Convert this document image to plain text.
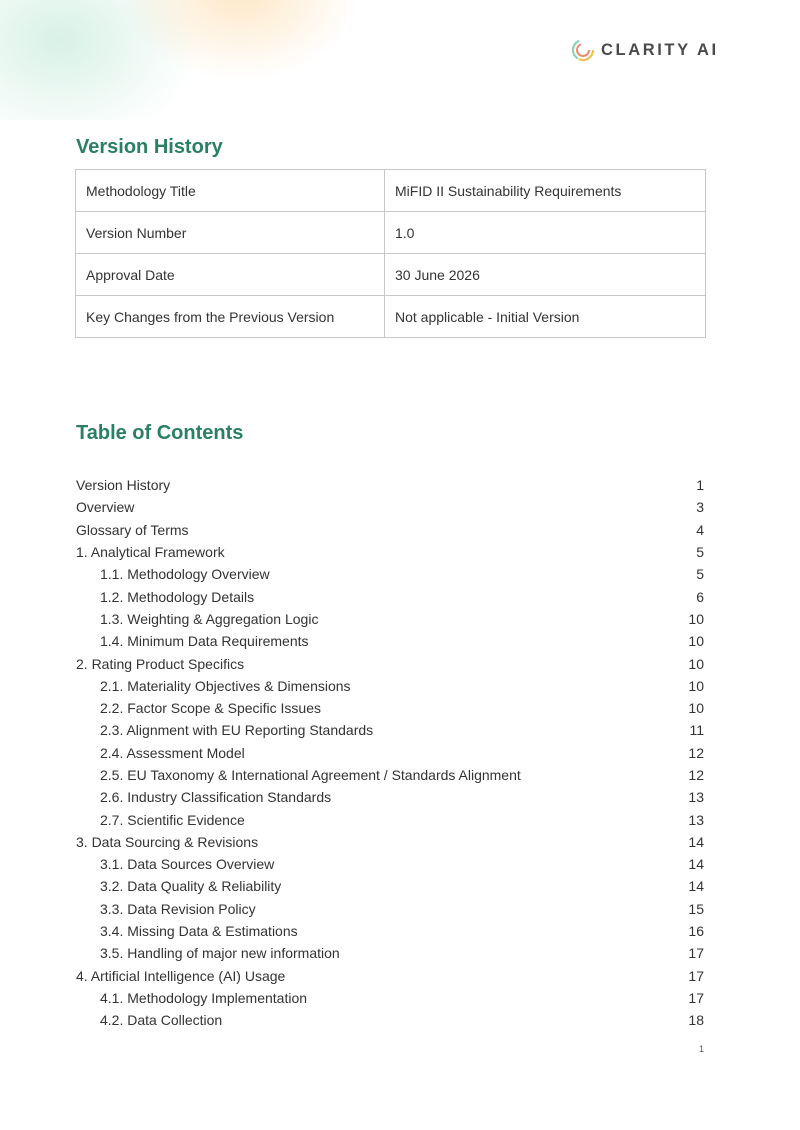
CLARITY AI
Version History
Methodology Title	MiFID II Sustainability Requirements
Version Number	1.0
Approval Date	30 June 2026
Key Changes from the Previous Version	Not applicable - Initial Version
Table of Contents
Version History	1
Overview	3
Glossary of Terms	4
1. Analytical Framework	5
1.1. Methodology Overview	5
1.2. Methodology Details	6
1.3. Weighting & Aggregation Logic	10
1.4. Minimum Data Requirements	10
2. Rating Product Specifics	10
2.1. Materiality Objectives & Dimensions	10
2.2. Factor Scope & Specific Issues	10
2.3. Alignment with EU Reporting Standards	11
2.4. Assessment Model	12
2.5. EU Taxonomy & International Agreement / Standards Alignment	12
2.6. Industry Classification Standards	13
2.7. Scientific Evidence	13
3. Data Sourcing & Revisions	14
3.1. Data Sources Overview	14
3.2. Data Quality & Reliability	14
3.3. Data Revision Policy	15
3.4. Missing Data & Estimations	16
3.5. Handling of major new information	17
4. Artificial Intelligence (AI) Usage	17
4.1. Methodology Implementation	17
4.2. Data Collection	18
1
